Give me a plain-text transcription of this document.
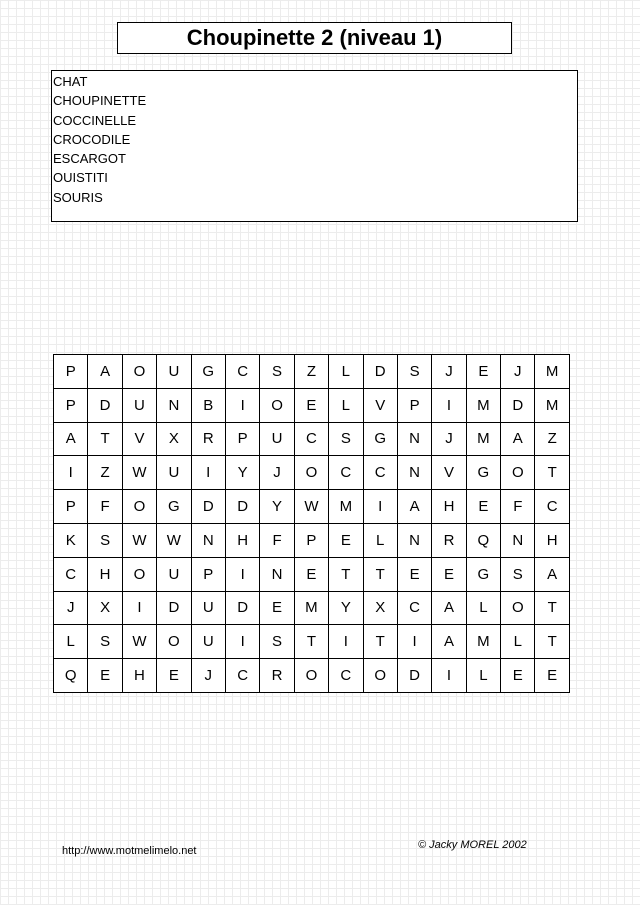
Choupinette 2 (niveau 1)
CHAT
CHOUPINETTE
COCCINELLE
CROCODILE
ESCARGOT
OUISTITI
SOURIS
P	A	O	U	G	C	S	Z	L	D	S	J	E	J	M
P	D	U	N	B	I	O	E	L	V	P	I	M	D	M
A	T	V	X	R	P	U	C	S	G	N	J	M	A	Z
I	Z	W	U	I	Y	J	O	C	C	N	V	G	O	T
P	F	O	G	D	D	Y	W	M	I	A	H	E	F	C
K	S	W	W	N	H	F	P	E	L	N	R	Q	N	H
C	H	O	U	P	I	N	E	T	T	E	E	G	S	A
J	X	I	D	U	D	E	M	Y	X	C	A	L	O	T
L	S	W	O	U	I	S	T	I	T	I	A	M	L	T
Q	E	H	E	J	C	R	O	C	O	D	I	L	E	E
http://www.motmelimelo.net	© Jacky MOREL 2002
